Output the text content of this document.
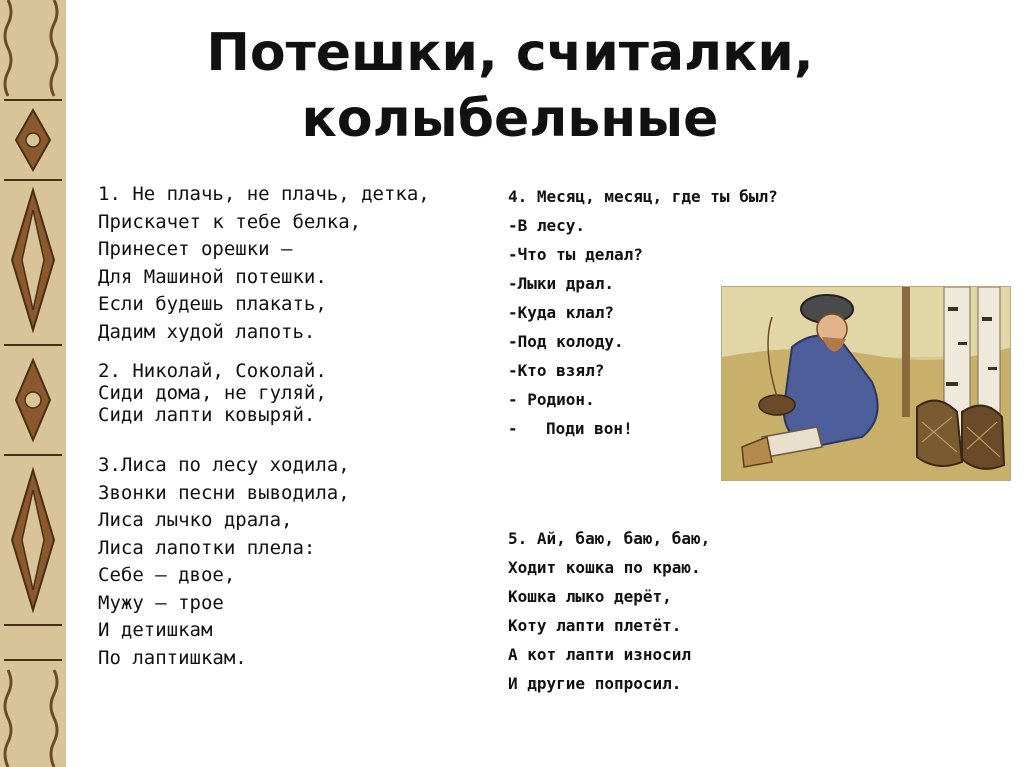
Потешки, считалки,
колыбельные
1. Не плачь, не плачь, детка,
Прискачет к тебе белка,
Принесет орешки –
Для Машиной потешки.
Если будешь плакать,
Дадим худой лапоть.
2. Николай, Соколай.
Сиди дома, не гуляй,
Сиди лапти ковыряй.
3.Лиса по лесу ходила,
Звонки песни выводила,
Лиса лычко драла,
Лиса лапотки плела:
Себе – двое,
Мужу – трое
И детишкам
По лаптишкам.
4. Месяц, месяц, где ты был?
-В лесу.
-Что ты делал?
-Лыки драл.
-Куда клал?
-Под колоду.
-Кто взял?
- Родион.
- Поди вон!
5. Ай, баю, баю, баю,
Ходит кошка по краю.
Кошка лыко дерёт,
Коту лапти плетёт.
А кот лапти износил
И другие попросил.
